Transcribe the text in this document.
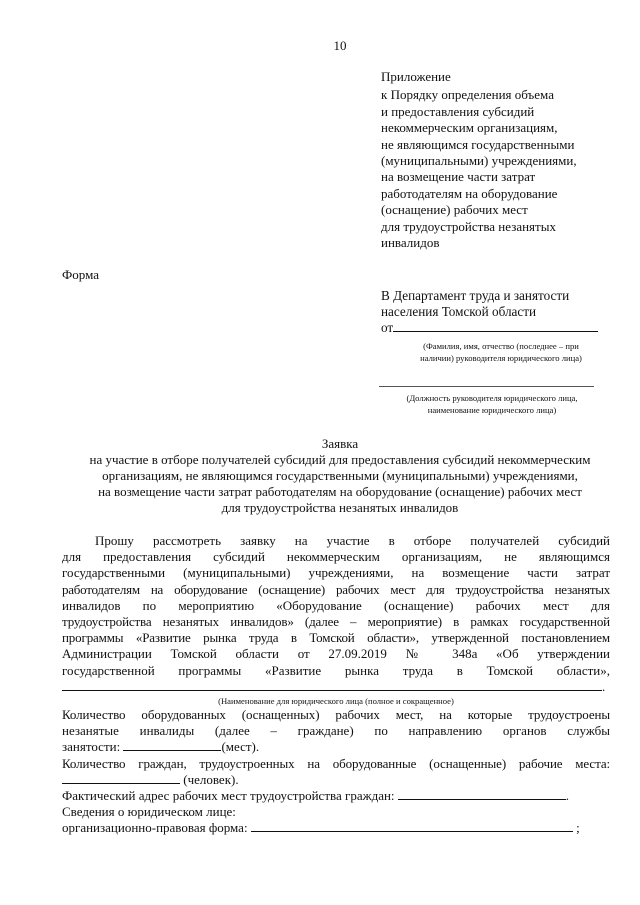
10
Приложение
к Порядку определения объема
и предоставления субсидий
некоммерческим организациям,
не являющимся государственными
(муниципальными) учреждениями,
на возмещение части затрат
работодателям на оборудование
(оснащение) рабочих мест
для трудоустройства незанятых
инвалидов
Форма
В Департамент труда и занятости
населения Томской области
от
(Фамилия, имя, отчество (последнее – при
наличии) руководителя юридического лица)
(Должность руководителя юридического лица,
наименование юридического лица)
Заявка
на участие в отборе получателей субсидий для предоставления субсидий некоммерческим
организациям, не являющимся государственными (муниципальными) учреждениями,
на возмещение части затрат работодателям на оборудование (оснащение) рабочих мест
для трудоустройства незанятых инвалидов
Прошу рассмотреть заявку на участие в отборе получателей субсидий
для предоставления субсидий некоммерческим организациям, не являющимся
государственными (муниципальными) учреждениями, на возмещение части затрат
работодателям на оборудование (оснащение) рабочих мест для трудоустройства незанятых
инвалидов по мероприятию «Оборудование (оснащение) рабочих мест для
трудоустройства незанятых инвалидов» (далее – мероприятие) в рамках государственной
программы «Развитие рынка труда в Томской области», утвержденной постановлением
Администрации Томской области от 27.09.2019 № 348а «Об утверждении
государственной программы «Развитие рынка труда в Томской области»,
.
(Наименование для юридического лица (полное и сокращенное)
Количество оборудованных (оснащенных) рабочих мест, на которые трудоустроены
незанятые инвалиды (далее – граждане) по направлению органов службы
занятости:	(мест).
Количество граждан, трудоустроенных на оборудованные (оснащенные) рабочие места:
(человек).
Фактический адрес рабочих мест трудоустройства граждан:	.
Сведения о юридическом лице:
организационно-правовая форма:	;
